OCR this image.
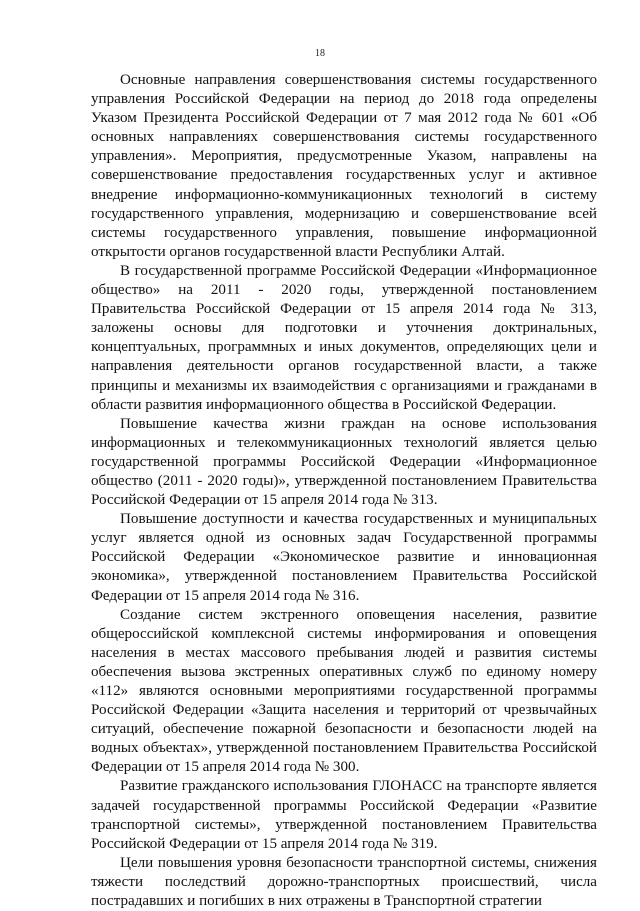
18

Основные направления совершенствования системы государственного управления Российской Федерации на период до 2018 года определены Указом Президента Российской Федерации от 7 мая 2012 года № 601 «Об основных направлениях совершенствования системы государственного управления». Мероприятия, предусмотренные Указом, направлены на совершенствование предоставления государственных услуг и активное внедрение информационно-коммуникационных технологий в систему государственного управления, модернизацию и совершенствование всей системы государственного управления, повышение информационной открытости органов государственной власти Республики Алтай.

В государственной программе Российской Федерации «Информационное общество» на 2011 - 2020 годы, утвержденной постановлением Правительства Российской Федерации от 15 апреля 2014 года № 313, заложены основы для подготовки и уточнения доктринальных, концептуальных, программных и иных документов, определяющих цели и направления деятельности органов государственной власти, а также принципы и механизмы их взаимодействия с организациями и гражданами в области развития информационного общества в Российской Федерации.

Повышение качества жизни граждан на основе использования информационных и телекоммуникационных технологий является целью государственной программы Российской Федерации «Информационное общество (2011 - 2020 годы)», утвержденной постановлением Правительства Российской Федерации от 15 апреля 2014 года № 313.

Повышение доступности и качества государственных и муниципальных услуг является одной из основных задач Государственной программы Российской Федерации «Экономическое развитие и инновационная экономика», утвержденной постановлением Правительства Российской Федерации от 15 апреля 2014 года № 316.

Создание систем экстренного оповещения населения, развитие общероссийской комплексной системы информирования и оповещения населения в местах массового пребывания людей и развития системы обеспечения вызова экстренных оперативных служб по единому номеру «112» являются основными мероприятиями государственной программы Российской Федерации «Защита населения и территорий от чрезвычайных ситуаций, обеспечение пожарной безопасности и безопасности людей на водных объектах», утвержденной постановлением Правительства Российской Федерации от 15 апреля 2014 года № 300.

Развитие гражданского использования ГЛОНАСС на транспорте является задачей государственной программы Российской Федерации «Развитие транспортной системы», утвержденной постановлением Правительства Российской Федерации от 15 апреля 2014 года № 319.

Цели повышения уровня безопасности транспортной системы, снижения тяжести последствий дорожно-транспортных происшествий, числа пострадавших и погибших в них отражены в Транспортной стратегии
